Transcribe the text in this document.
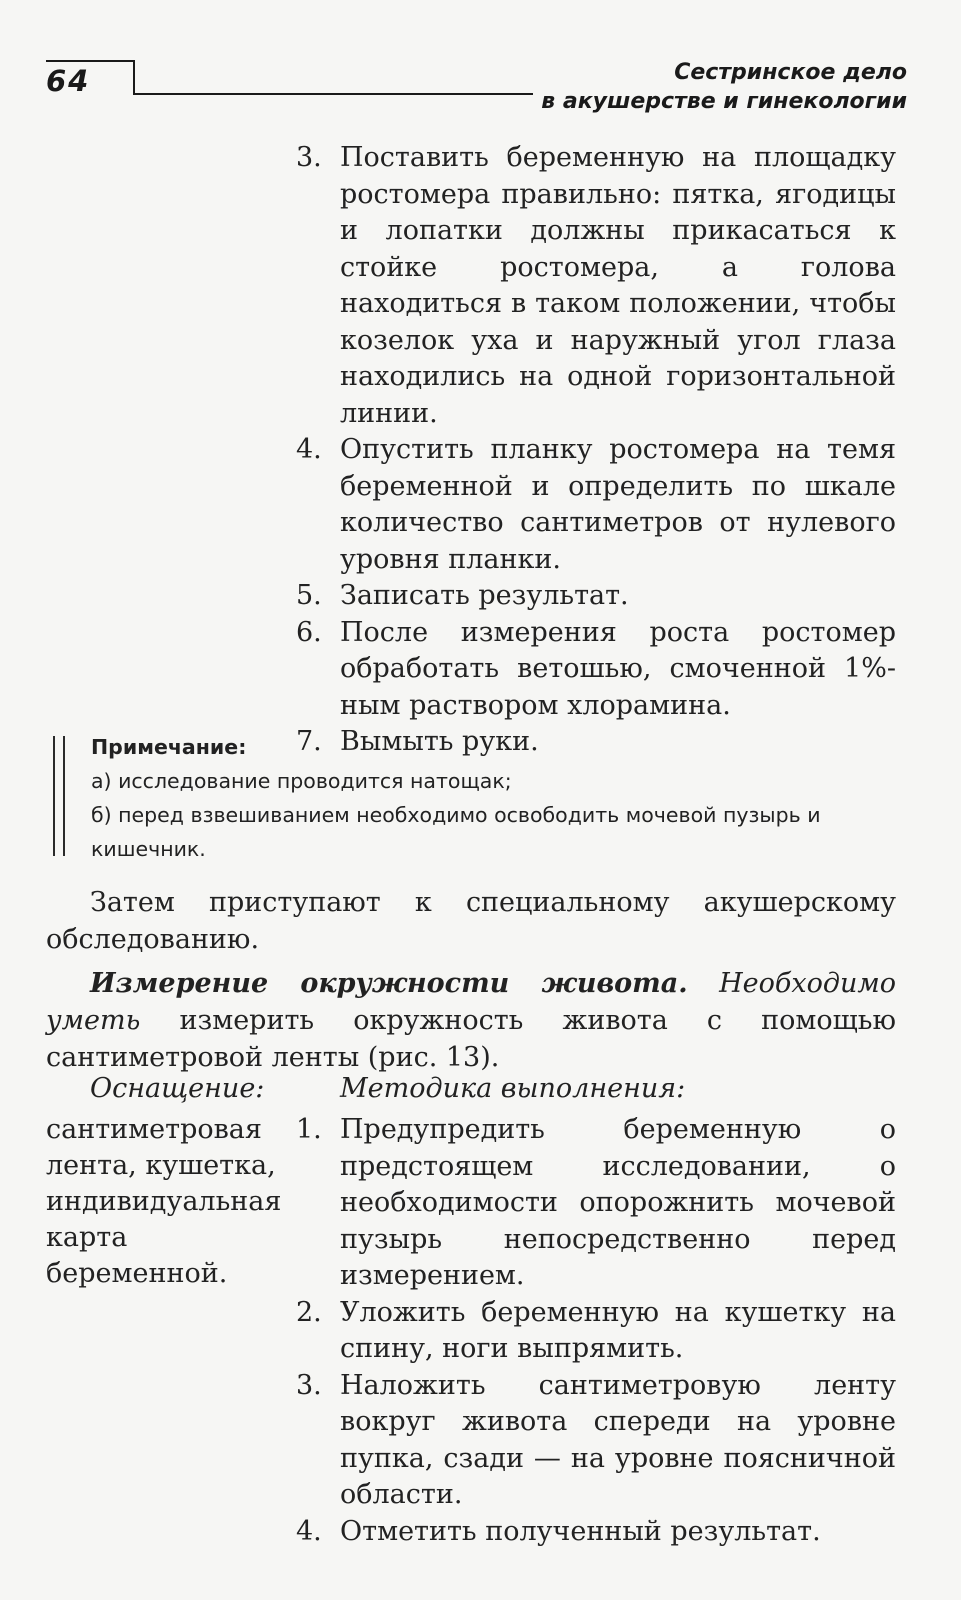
64	Сестринское дело
в акушерстве и гинекологии
3. Поставить беременную на площадку ростомера правильно: пятка, ягодицы и лопатки должны прикасаться к стойке ростомера, а голова находиться в таком положении, чтобы козелок уха и наружный угол глаза находились на одной горизонтальной линии.
4. Опустить планку ростомера на темя беременной и определить по шкале количество сантиметров от нулевого уровня планки.
5. Записать результат.
6. После измерения роста ростомер обработать ветошью, смоченной 1%-ным раствором хлорамина.
7. Вымыть руки.
Примечание:
а) исследование проводится натощак;
б) перед взвешиванием необходимо освободить мочевой пузырь и кишечник.
Затем приступают к специальному акушерскому обследованию.
Измерение окружности живота. Необходимо уметь измерить окружность живота с помощью сантиметровой ленты (рис. 13).
Оснащение:	Методика выполнения:
сантиметровая лента, кушетка, индивидуальная карта беременной.
1. Предупредить беременную о предстоящем исследовании, о необходимости опорожнить мочевой пузырь непосредственно перед измерением.
2. Уложить беременную на кушетку на спину, ноги выпрямить.
3. Наложить сантиметровую ленту вокруг живота спереди на уровне пупка, сзади — на уровне поясничной области.
4. Отметить полученный результат.
